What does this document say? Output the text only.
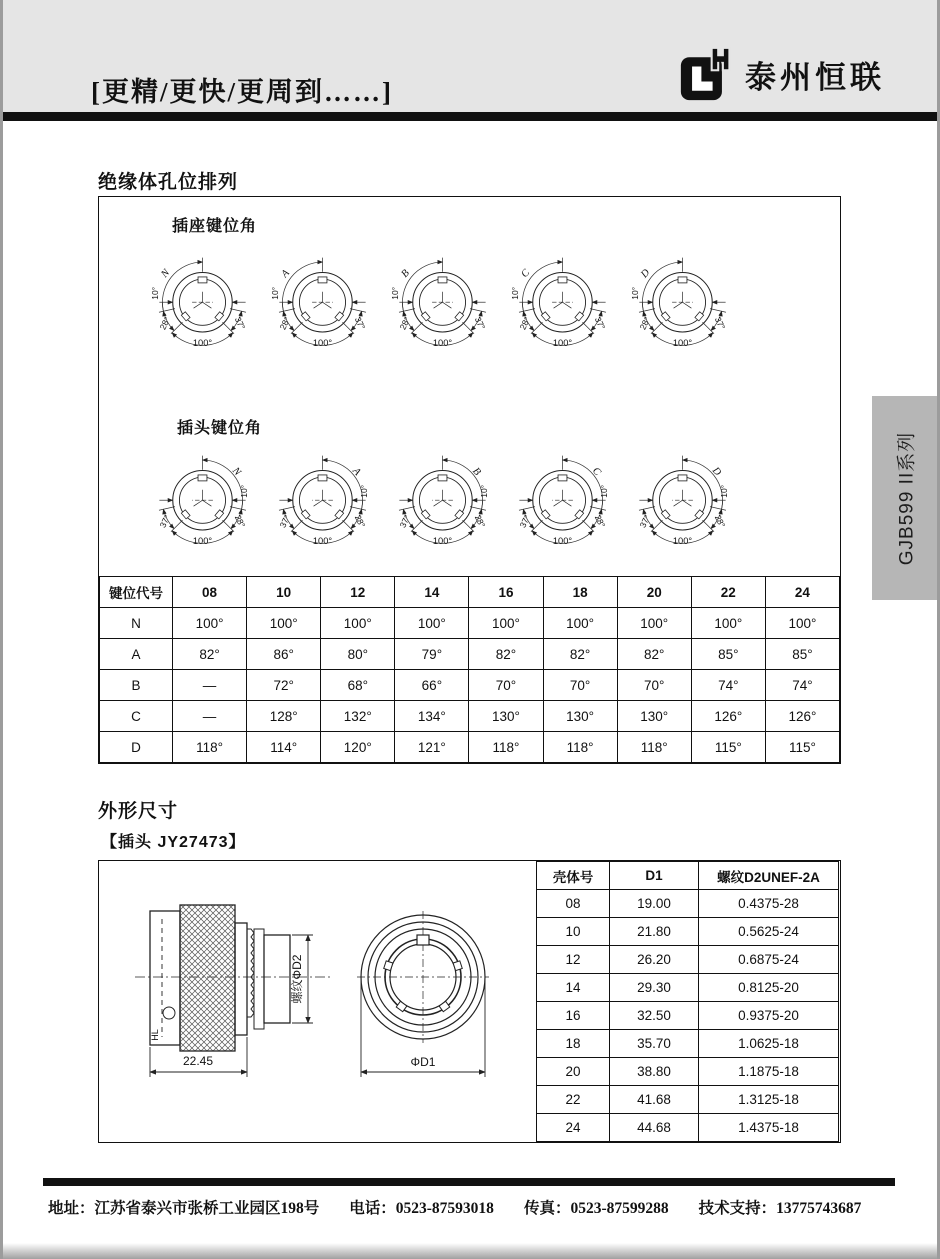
[更精/更快/更周到……]	泰州恒联
GJB599 II系列
绝缘体孔位排列
插座键位角
N
10°
28°	37°
100°
A
10°
28°	37°
100°
B
10°
28°	37°
100°
C
10°
28°	37°
100°
D
10°
28°	37°
100°
插头键位角
N
10°
37°	28°
100°
A
10°
37°	28°
100°
B
10°
37°	28°
100°
C
10°
37°	28°
100°
D
10°
37°	28°
100°
键位代号	08	10	12	14	16	18	20	22	24
N	100°	100°	100°	100°	100°	100°	100°	100°	100°
A	82°	86°	80°	79°	82°	82°	82°	85°	85°
B	—	72°	68°	66°	70°	70°	70°	74°	74°
C	—	128°	132°	134°	130°	130°	130°	126°	126°
D	118°	114°	120°	121°	118°	118°	118°	115°	115°
外形尺寸
【插头 JY27473】
22.45
螺纹ΦD2
ΦD1
HL
壳体号	D1	螺纹D2UNEF-2A
08	19.00	0.4375-28
10	21.80	0.5625-24
12	26.20	0.6875-24
14	29.30	0.8125-20
16	32.50	0.9375-20
18	35.70	1.0625-18
20	38.80	1.1875-18
22	41.68	1.3125-18
24	44.68	1.4375-18
地址：江苏省泰兴市张桥工业园区198号 电话：0523-87593018 传真：0523-87599288 技术支持：13775743687
